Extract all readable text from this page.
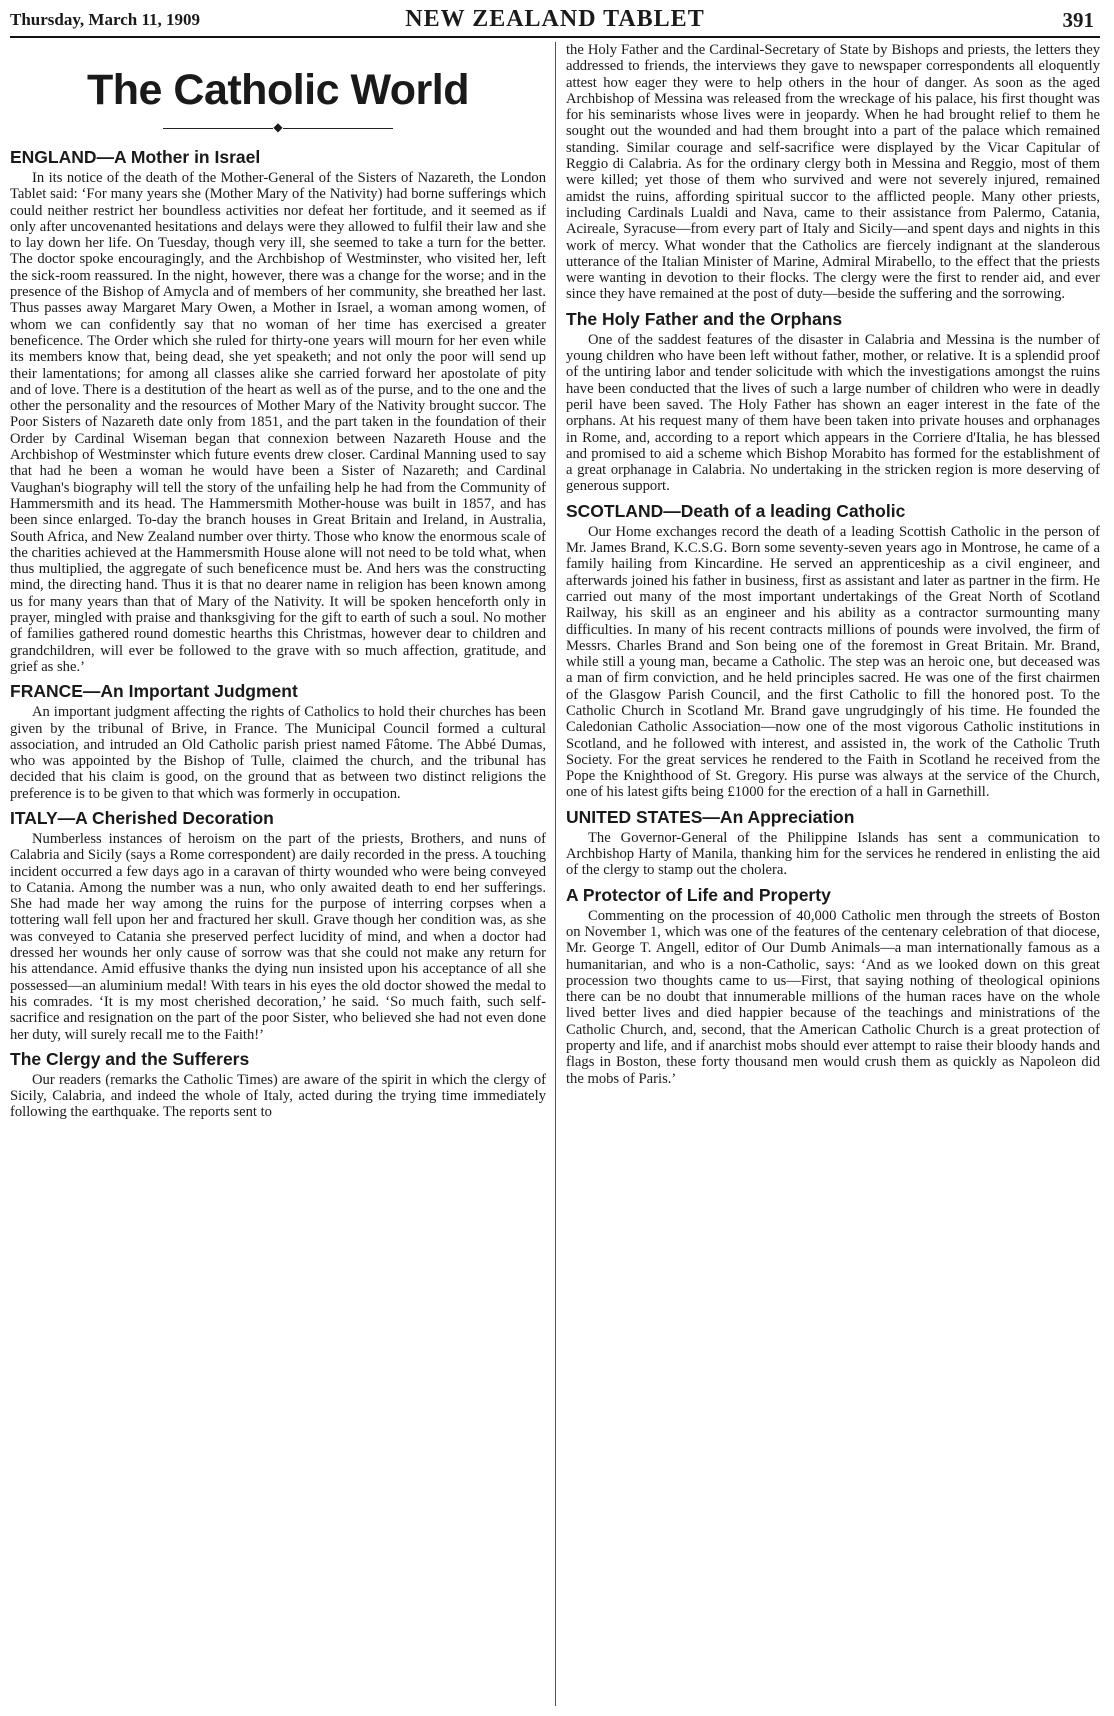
Thursday, March 11, 1909	NEW ZEALAND TABLET	391
The Catholic World
◆
ENGLAND—A Mother in Israel

In its notice of the death of the Mother-General of the Sisters of Nazareth, the London Tablet said: ‘For many years she (Mother Mary of the Nativity) had borne sufferings which could neither restrict her boundless activities nor defeat her fortitude, and it seemed as if only after uncovenanted hesitations and delays were they allowed to fulfil their law and she to lay down her life. On Tuesday, though very ill, she seemed to take a turn for the better. The doctor spoke encouragingly, and the Archbishop of Westminster, who visited her, left the sick-room reassured. In the night, however, there was a change for the worse; and in the presence of the Bishop of Amycla and of members of her community, she breathed her last. Thus passes away Margaret Mary Owen, a Mother in Israel, a woman among women, of whom we can confidently say that no woman of her time has exercised a greater beneficence. The Order which she ruled for thirty-one years will mourn for her even while its members know that, being dead, she yet speaketh; and not only the poor will send up their lamentations; for among all classes alike she carried forward her apostolate of pity and of love. There is a destitution of the heart as well as of the purse, and to the one and the other the personality and the resources of Mother Mary of the Nativity brought succor. The Poor Sisters of Nazareth date only from 1851, and the part taken in the foundation of their Order by Cardinal Wiseman began that connexion between Nazareth House and the Archbishop of Westminster which future events drew closer. Cardinal Manning used to say that had he been a woman he would have been a Sister of Nazareth; and Cardinal Vaughan's biography will tell the story of the unfailing help he had from the Community of Hammersmith and its head. The Hammersmith Mother-house was built in 1857, and has been since enlarged. To-day the branch houses in Great Britain and Ireland, in Australia, South Africa, and New Zealand number over thirty. Those who know the enormous scale of the charities achieved at the Hammersmith House alone will not need to be told what, when thus multiplied, the aggregate of such beneficence must be. And hers was the constructing mind, the directing hand. Thus it is that no dearer name in religion has been known among us for many years than that of Mary of the Nativity. It will be spoken henceforth only in prayer, mingled with praise and thanksgiving for the gift to earth of such a soul. No mother of families gathered round domestic hearths this Christmas, however dear to children and grandchildren, will ever be followed to the grave with so much affection, gratitude, and grief as she.’

FRANCE—An Important Judgment

An important judgment affecting the rights of Catholics to hold their churches has been given by the tribunal of Brive, in France. The Municipal Council formed a cultural association, and intruded an Old Catholic parish priest named Fâtome. The Abbé Dumas, who was appointed by the Bishop of Tulle, claimed the church, and the tribunal has decided that his claim is good, on the ground that as between two distinct religions the preference is to be given to that which was formerly in occupation.

ITALY—A Cherished Decoration

Numberless instances of heroism on the part of the priests, Brothers, and nuns of Calabria and Sicily (says a Rome correspondent) are daily recorded in the press. A touching incident occurred a few days ago in a caravan of thirty wounded who were being conveyed to Catania. Among the number was a nun, who only awaited death to end her sufferings. She had made her way among the ruins for the purpose of interring corpses when a tottering wall fell upon her and fractured her skull. Grave though her condition was, as she was conveyed to Catania she preserved perfect lucidity of mind, and when a doctor had dressed her wounds her only cause of sorrow was that she could not make any return for his attendance. Amid effusive thanks the dying nun insisted upon his acceptance of all she possessed—an aluminium medal! With tears in his eyes the old doctor showed the medal to his comrades. ‘It is my most cherished decoration,’ he said. ‘So much faith, such self-sacrifice and resignation on the part of the poor Sister, who believed she had not even done her duty, will surely recall me to the Faith!’

The Clergy and the Sufferers

Our readers (remarks the Catholic Times) are aware of the spirit in which the clergy of Sicily, Calabria, and indeed the whole of Italy, acted during the trying time immediately following the earthquake. The reports sent to

the Holy Father and the Cardinal-Secretary of State by Bishops and priests, the letters they addressed to friends, the interviews they gave to newspaper correspondents all eloquently attest how eager they were to help others in the hour of danger. As soon as the aged Archbishop of Messina was released from the wreckage of his palace, his first thought was for his seminarists whose lives were in jeopardy. When he had brought relief to them he sought out the wounded and had them brought into a part of the palace which remained standing. Similar courage and self-sacrifice were displayed by the Vicar Capitular of Reggio di Calabria. As for the ordinary clergy both in Messina and Reggio, most of them were killed; yet those of them who survived and were not severely injured, remained amidst the ruins, affording spiritual succor to the afflicted people. Many other priests, including Cardinals Lualdi and Nava, came to their assistance from Palermo, Catania, Acireale, Syracuse—from every part of Italy and Sicily—and spent days and nights in this work of mercy. What wonder that the Catholics are fiercely indignant at the slanderous utterance of the Italian Minister of Marine, Admiral Mirabello, to the effect that the priests were wanting in devotion to their flocks. The clergy were the first to render aid, and ever since they have remained at the post of duty—beside the suffering and the sorrowing.

The Holy Father and the Orphans

One of the saddest features of the disaster in Calabria and Messina is the number of young children who have been left without father, mother, or relative. It is a splendid proof of the untiring labor and tender solicitude with which the investigations amongst the ruins have been conducted that the lives of such a large number of children who were in deadly peril have been saved. The Holy Father has shown an eager interest in the fate of the orphans. At his request many of them have been taken into private houses and orphanages in Rome, and, according to a report which appears in the Corriere d'Italia, he has blessed and promised to aid a scheme which Bishop Morabito has formed for the establishment of a great orphanage in Calabria. No undertaking in the stricken region is more deserving of generous support.

SCOTLAND—Death of a leading Catholic

Our Home exchanges record the death of a leading Scottish Catholic in the person of Mr. James Brand, K.C.S.G. Born some seventy-seven years ago in Montrose, he came of a family hailing from Kincardine. He served an apprenticeship as a civil engineer, and afterwards joined his father in business, first as assistant and later as partner in the firm. He carried out many of the most important undertakings of the Great North of Scotland Railway, his skill as an engineer and his ability as a contractor surmounting many difficulties. In many of his recent contracts millions of pounds were involved, the firm of Messrs. Charles Brand and Son being one of the foremost in Great Britain. Mr. Brand, while still a young man, became a Catholic. The step was an heroic one, but deceased was a man of firm conviction, and he held principles sacred. He was one of the first chairmen of the Glasgow Parish Council, and the first Catholic to fill the honored post. To the Catholic Church in Scotland Mr. Brand gave ungrudgingly of his time. He founded the Caledonian Catholic Association—now one of the most vigorous Catholic institutions in Scotland, and he followed with interest, and assisted in, the work of the Catholic Truth Society. For the great services he rendered to the Faith in Scotland he received from the Pope the Knighthood of St. Gregory. His purse was always at the service of the Church, one of his latest gifts being £1000 for the erection of a hall in Garnethill.

UNITED STATES—An Appreciation

The Governor-General of the Philippine Islands has sent a communication to Archbishop Harty of Manila, thanking him for the services he rendered in enlisting the aid of the clergy to stamp out the cholera.

A Protector of Life and Property

Commenting on the procession of 40,000 Catholic men through the streets of Boston on November 1, which was one of the features of the centenary celebration of that diocese, Mr. George T. Angell, editor of Our Dumb Animals—a man internationally famous as a humanitarian, and who is a non-Catholic, says: ‘And as we looked down on this great procession two thoughts came to us—First, that saying nothing of theological opinions there can be no doubt that innumerable millions of the human races have on the whole lived better lives and died happier because of the teachings and ministrations of the Catholic Church, and, second, that the American Catholic Church is a great protection of property and life, and if anarchist mobs should ever attempt to raise their bloody hands and flags in Boston, these forty thousand men would crush them as quickly as Napoleon did the mobs of Paris.’
